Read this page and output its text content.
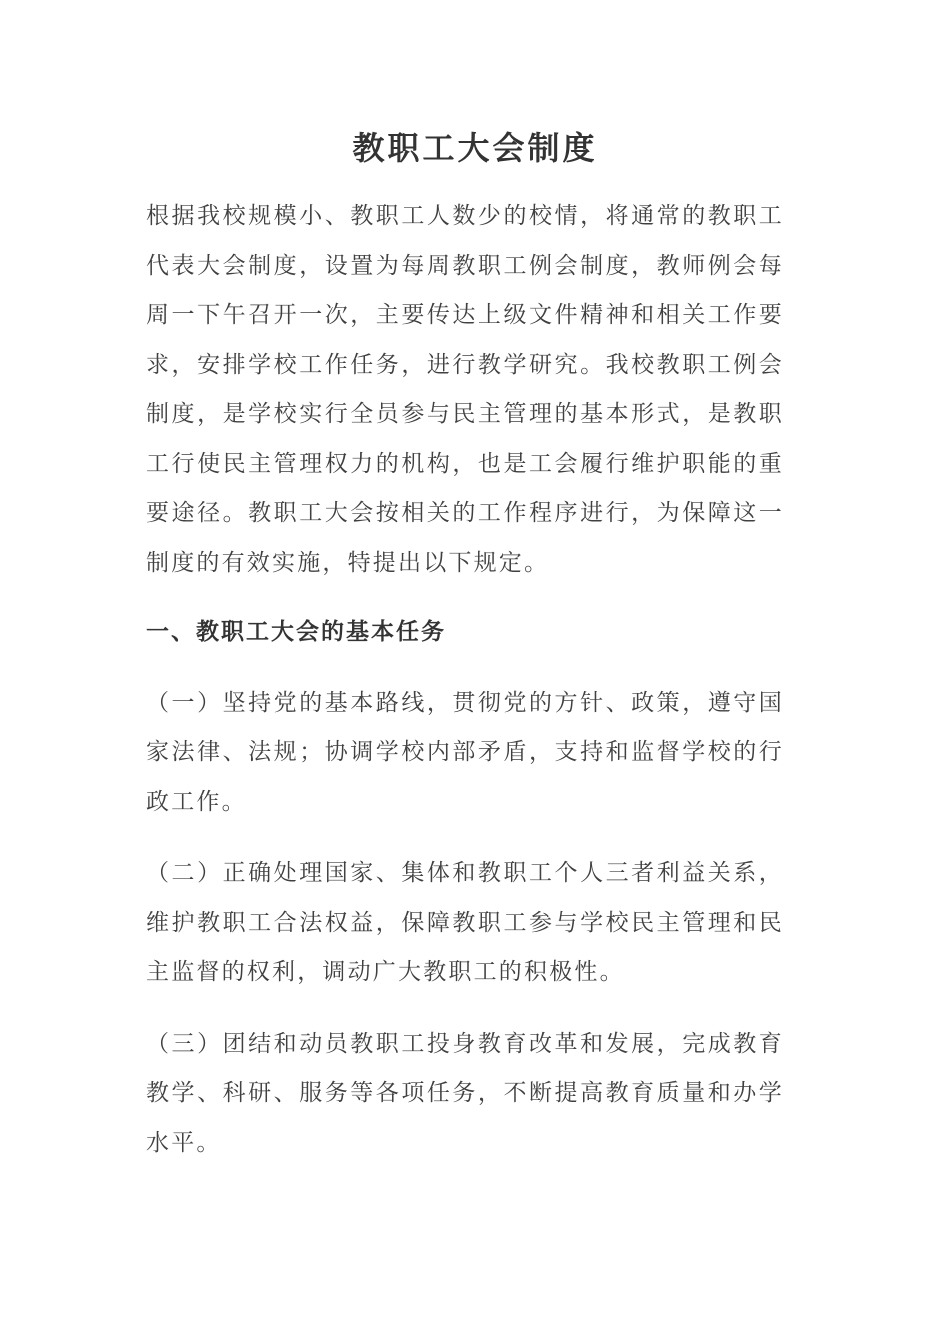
教职工大会制度

根据我校规模小、教职工人数少的校情，将通常的教职工代表大会制度，设置为每周教职工例会制度，教师例会每周一下午召开一次，主要传达上级文件精神和相关工作要求，安排学校工作任务，进行教学研究。我校教职工例会制度，是学校实行全员参与民主管理的基本形式，是教职工行使民主管理权力的机构，也是工会履行维护职能的重要途径。教职工大会按相关的工作程序进行，为保障这一制度的有效实施，特提出以下规定。

一、教职工大会的基本任务

（一）坚持党的基本路线，贯彻党的方针、政策，遵守国家法律、法规；协调学校内部矛盾，支持和监督学校的行政工作。

（二）正确处理国家、集体和教职工个人三者利益关系，维护教职工合法权益，保障教职工参与学校民主管理和民主监督的权利，调动广大教职工的积极性。

（三）团结和动员教职工投身教育改革和发展，完成教育教学、科研、服务等各项任务，不断提高教育质量和办学水平。
